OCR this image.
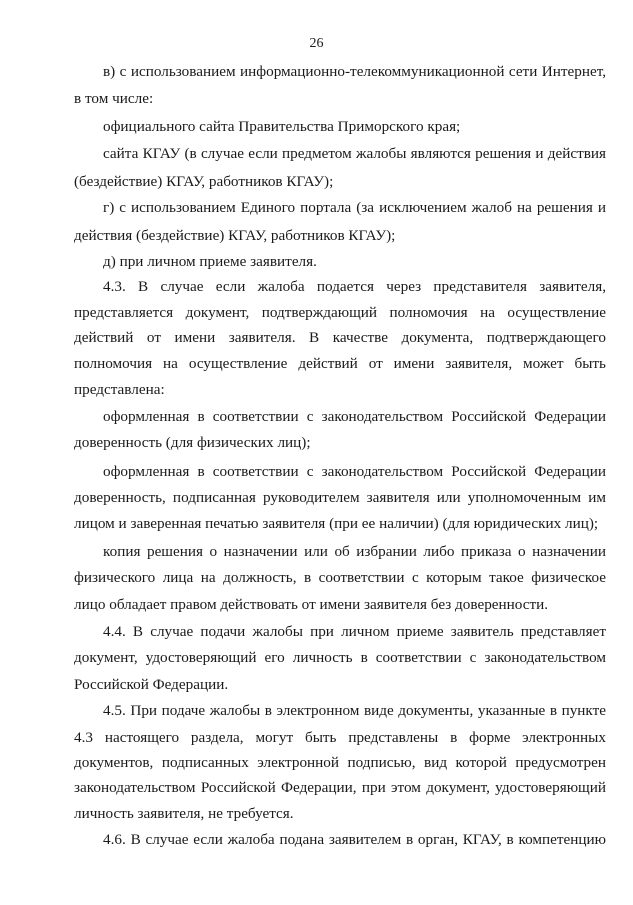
26
в) с использованием информационно-телекоммуникационной сети Интернет,
в том числе:
официального сайта Правительства Приморского края;
сайта КГАУ (в случае если предметом жалобы являются решения и действия
(бездействие) КГАУ, работников КГАУ);
г) с использованием Единого портала (за исключением жалоб на решения и
действия (бездействие) КГАУ, работников КГАУ);
д) при личном приеме заявителя.
4.3. В случае если жалоба подается через представителя заявителя,
представляется документ, подтверждающий полномочия на осуществление
действий от имени заявителя. В качестве документа, подтверждающего
полномочия на осуществление действий от имени заявителя, может быть
представлена:
оформленная в соответствии с законодательством Российской Федерации
доверенность (для физических лиц);
оформленная в соответствии с законодательством Российской Федерации
доверенность, подписанная руководителем заявителя или уполномоченным им
лицом и заверенная печатью заявителя (при ее наличии) (для юридических лиц);
копия решения о назначении или об избрании либо приказа о назначении
физического лица на должность, в соответствии с которым такое физическое
лицо обладает правом действовать от имени заявителя без доверенности.
4.4. В случае подачи жалобы при личном приеме заявитель представляет
документ, удостоверяющий его личность в соответствии с законодательством
Российской Федерации.
4.5. При подаче жалобы в электронном виде документы, указанные в пункте
4.3 настоящего раздела, могут быть представлены в форме электронных
документов, подписанных электронной подписью, вид которой предусмотрен
законодательством Российской Федерации, при этом документ, удостоверяющий
личность заявителя, не требуется.
4.6. В случае если жалоба подана заявителем в орган, КГАУ, в компетенцию
